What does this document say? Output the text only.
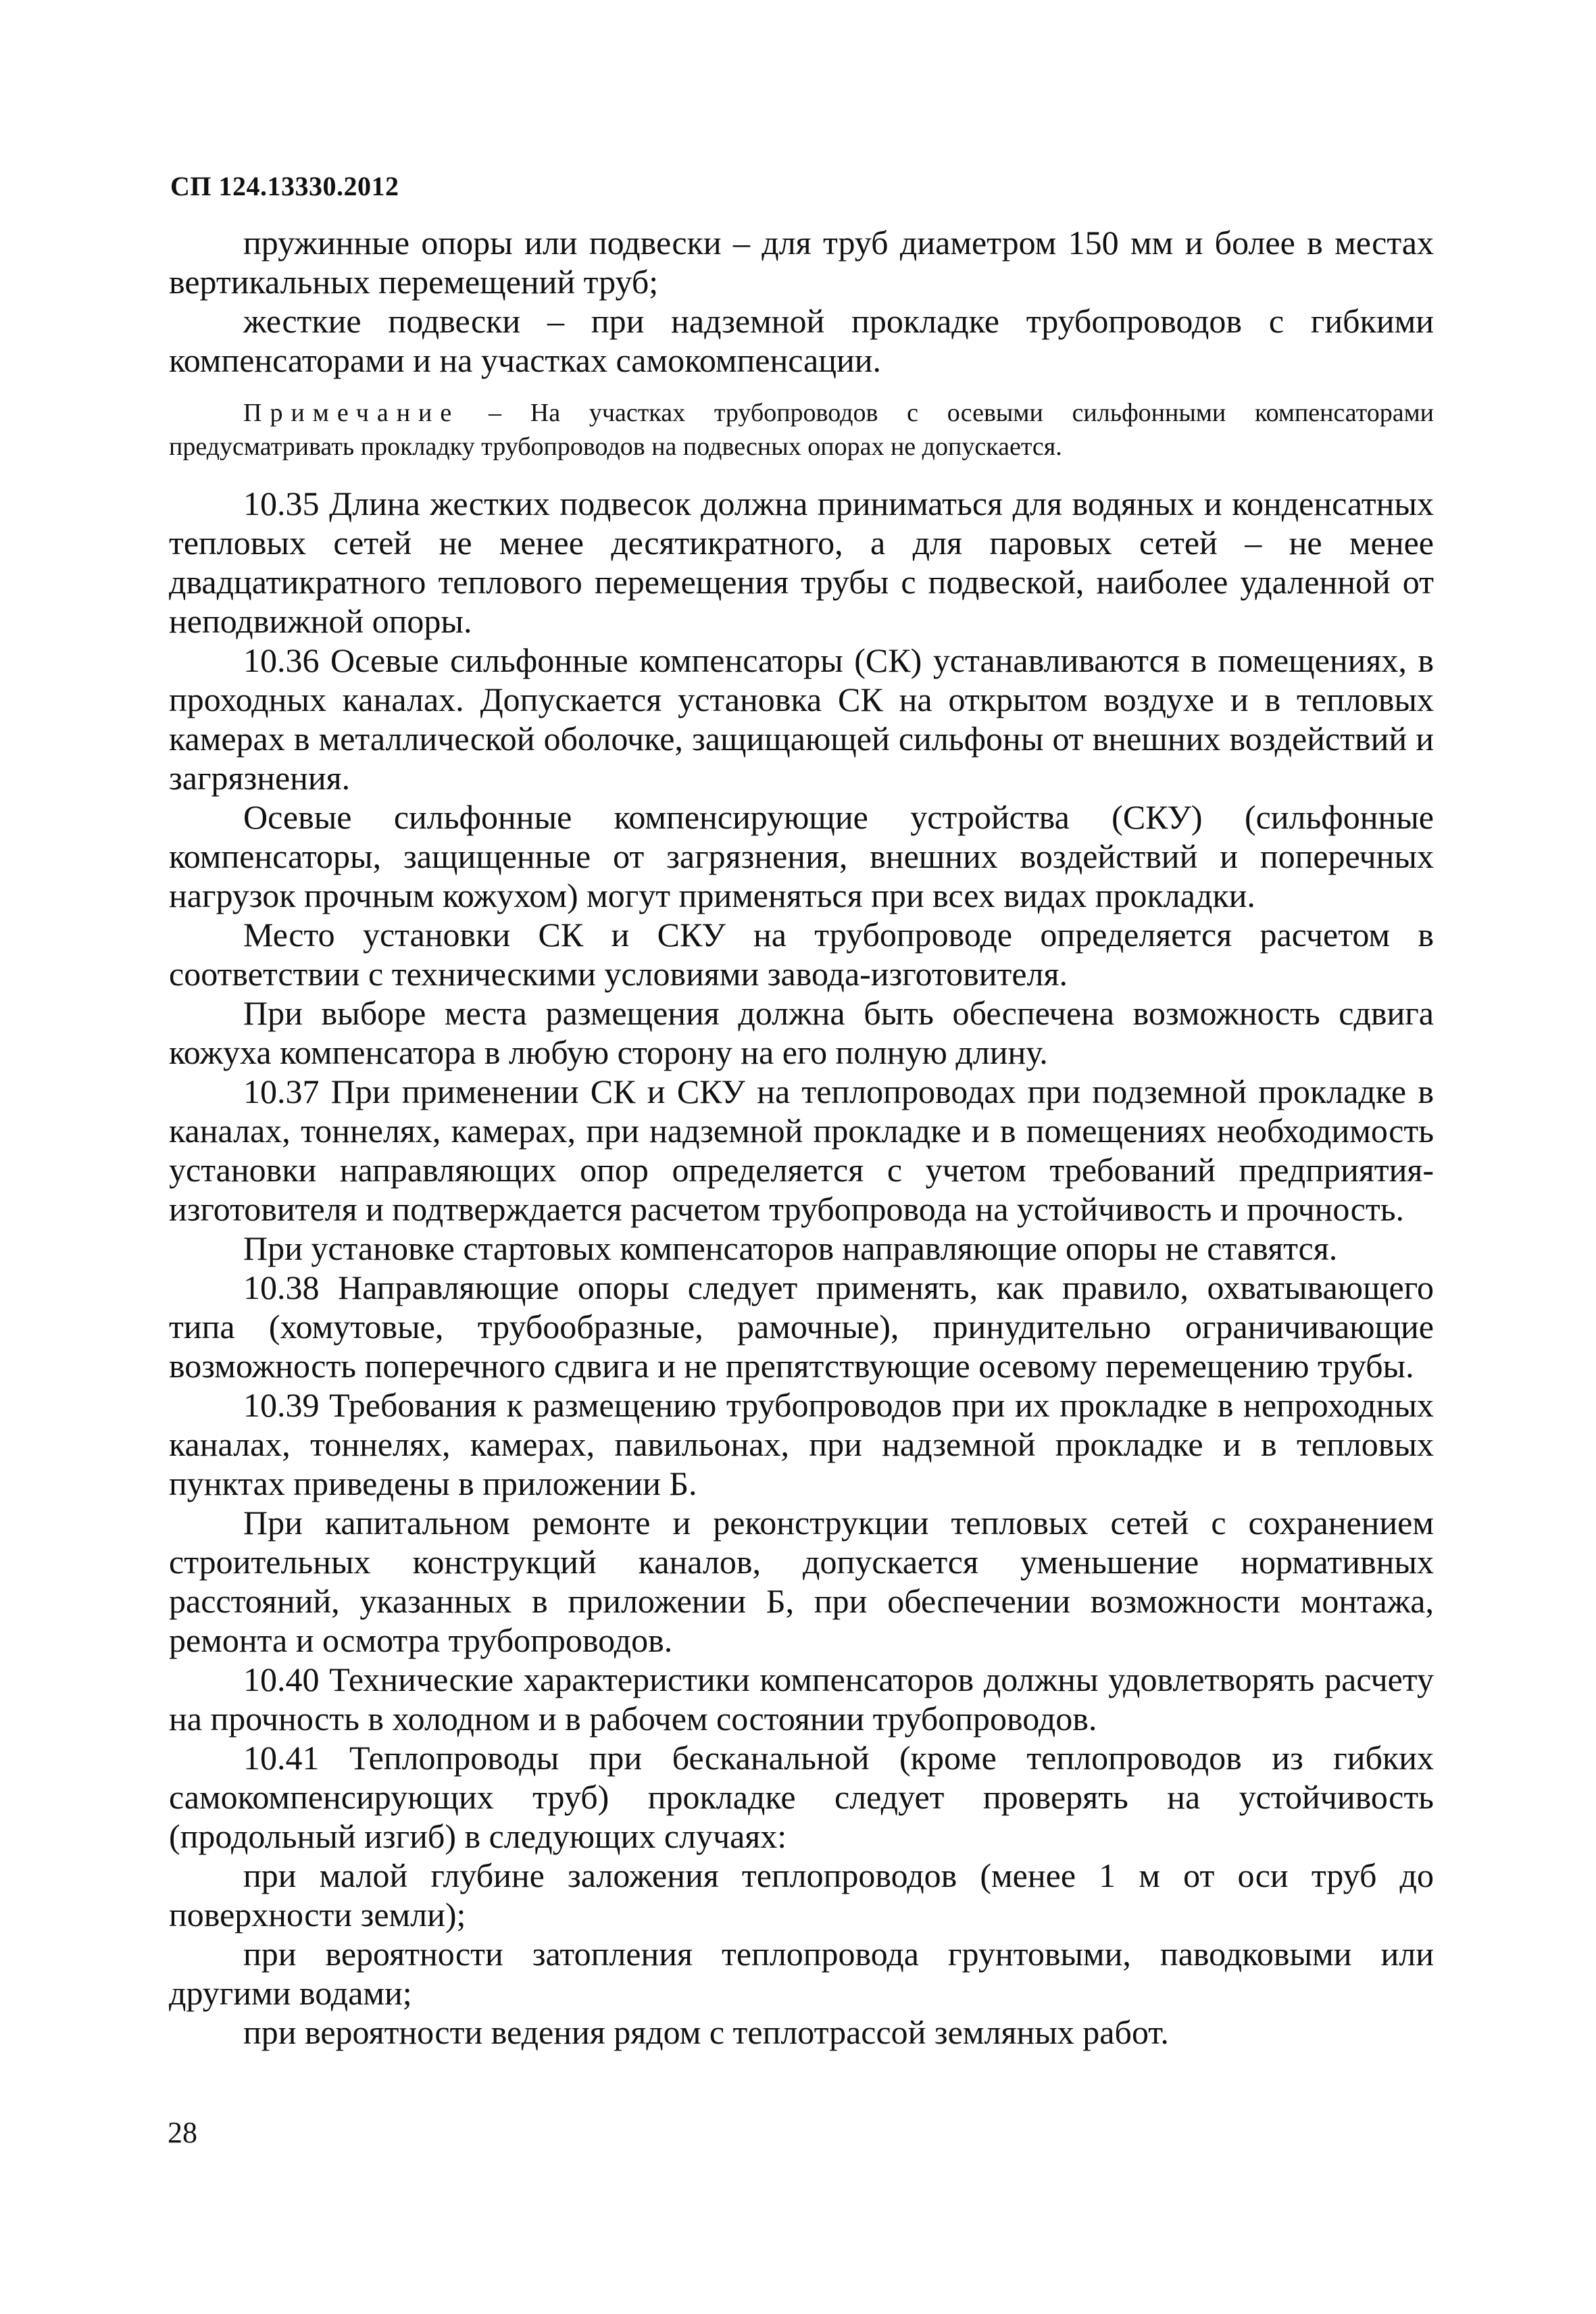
СП 124.13330.2012

пружинные опоры или подвески – для труб диаметром 150 мм и более в местах вертикальных перемещений труб;

жесткие подвески – при надземной прокладке трубопроводов с гибкими компенсаторами и на участках самокомпенсации.

Примечание – На участках трубопроводов с осевыми сильфонными компенсаторами предусматривать прокладку трубопроводов на подвесных опорах не допускается.

10.35 Длина жестких подвесок должна приниматься для водяных и конденсатных тепловых сетей не менее десятикратного, а для паровых сетей – не менее двадцатикратного теплового перемещения трубы с подвеской, наиболее удаленной от неподвижной опоры.

10.36 Осевые сильфонные компенсаторы (СК) устанавливаются в помещениях, в проходных каналах. Допускается установка СК на открытом воздухе и в тепловых камерах в металлической оболочке, защищающей сильфоны от внешних воздействий и загрязнения.

Осевые сильфонные компенсирующие устройства (СКУ) (сильфонные компенсаторы, защищенные от загрязнения, внешних воздействий и поперечных нагрузок прочным кожухом) могут применяться при всех видах прокладки.

Место установки СК и СКУ на трубопроводе определяется расчетом в соответствии с техническими условиями завода-изготовителя.

При выборе места размещения должна быть обеспечена возможность сдвига кожуха компенсатора в любую сторону на его полную длину.

10.37 При применении СК и СКУ на теплопроводах при подземной прокладке в каналах, тоннелях, камерах, при надземной прокладке и в помещениях необходимость установки направляющих опор определяется с учетом требований предприятия-изготовителя и подтверждается расчетом трубопровода на устойчивость и прочность.

При установке стартовых компенсаторов направляющие опоры не ставятся.

10.38 Направляющие опоры следует применять, как правило, охватывающего типа (хомутовые, трубообразные, рамочные), принудительно ограничивающие возможность поперечного сдвига и не препятствующие осевому перемещению трубы.

10.39 Требования к размещению трубопроводов при их прокладке в непроходных каналах, тоннелях, камерах, павильонах, при надземной прокладке и в тепловых пунктах приведены в приложении Б.

При капитальном ремонте и реконструкции тепловых сетей с сохранением строительных конструкций каналов, допускается уменьшение нормативных расстояний, указанных в приложении Б, при обеспечении возможности монтажа, ремонта и осмотра трубопроводов.

10.40 Технические характеристики компенсаторов должны удовлетворять расчету на прочность в холодном и в рабочем состоянии трубопроводов.

10.41 Теплопроводы при бесканальной (кроме теплопроводов из гибких самокомпенсирующих труб) прокладке следует проверять на устойчивость (продольный изгиб) в следующих случаях:

при малой глубине заложения теплопроводов (менее 1 м от оси труб до поверхности земли);

при вероятности затопления теплопровода грунтовыми, паводковыми или другими водами;

при вероятности ведения рядом с теплотрассой земляных работ.

28
